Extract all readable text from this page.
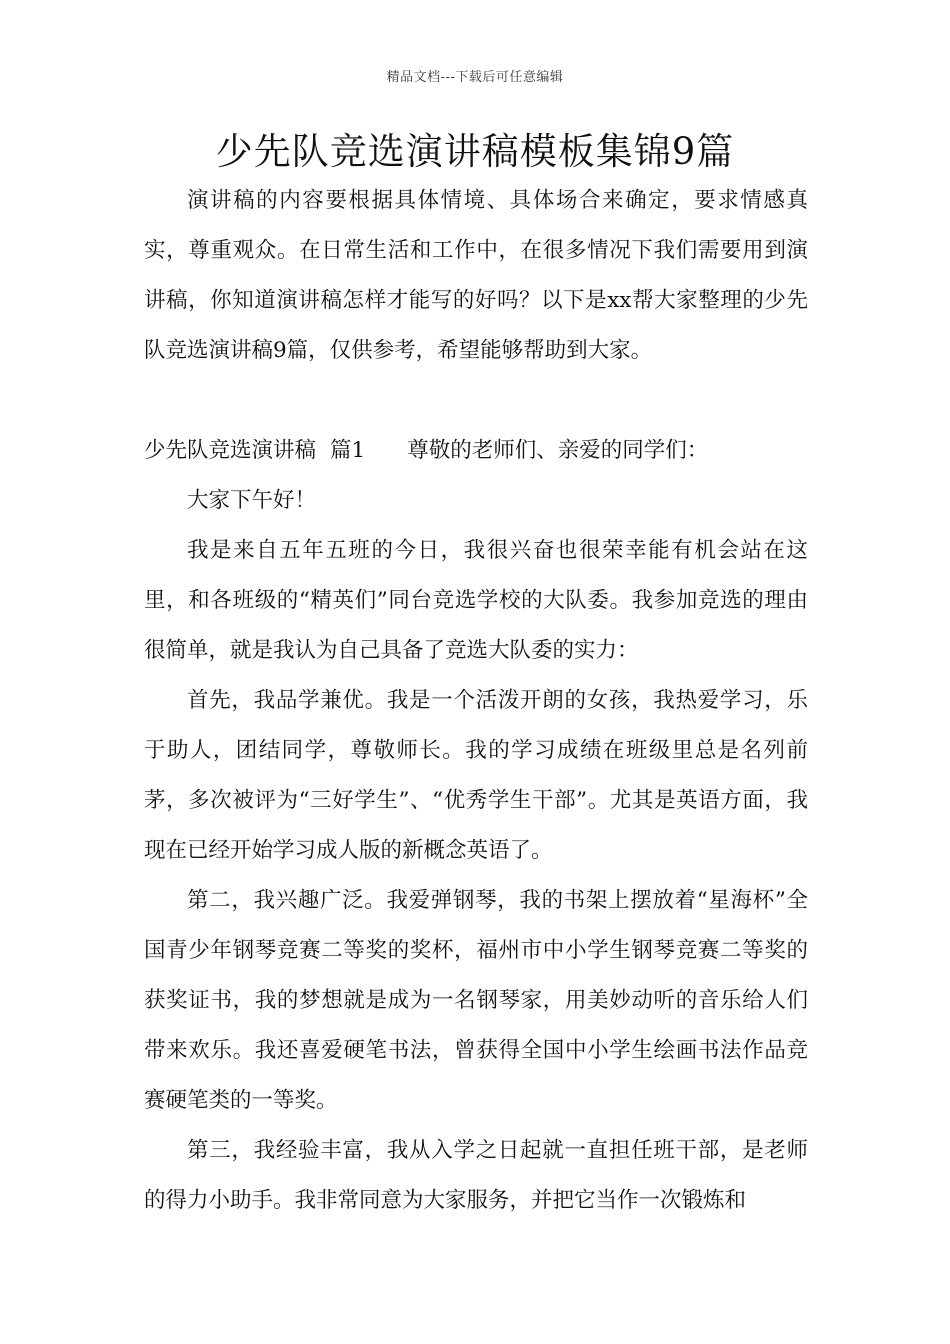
精品文档---下载后可任意编辑
少先队竞选演讲稿模板集锦9篇

演讲稿的内容要根据具体情境、具体场合来确定，要求情感真实，尊重观众。在日常生活和工作中，在很多情况下我们需要用到演讲稿，你知道演讲稿怎样才能写的好吗？以下是xx帮大家整理的少先队竞选演讲稿9篇，仅供参考，希望能够帮助到大家。

少先队竞选演讲稿 篇1 尊敬的老师们、亲爱的同学们：

大家下午好！

我是来自五年五班的今日，我很兴奋也很荣幸能有机会站在这里，和各班级的“精英们”同台竞选学校的大队委。我参加竞选的理由很简单，就是我认为自己具备了竞选大队委的实力：

首先，我品学兼优。我是一个活泼开朗的女孩，我热爱学习，乐于助人，团结同学，尊敬师长。我的学习成绩在班级里总是名列前茅，多次被评为“三好学生”、“优秀学生干部”。尤其是英语方面，我现在已经开始学习成人版的新概念英语了。

第二，我兴趣广泛。我爱弹钢琴，我的书架上摆放着“星海杯”全国青少年钢琴竞赛二等奖的奖杯，福州市中小学生钢琴竞赛二等奖的获奖证书，我的梦想就是成为一名钢琴家，用美妙动听的音乐给人们带来欢乐。我还喜爱硬笔书法，曾获得全国中小学生绘画书法作品竞赛硬笔类的一等奖。

第三，我经验丰富，我从入学之日起就一直担任班干部，是老师的得力小助手。我非常同意为大家服务，并把它当作一次锻炼和
